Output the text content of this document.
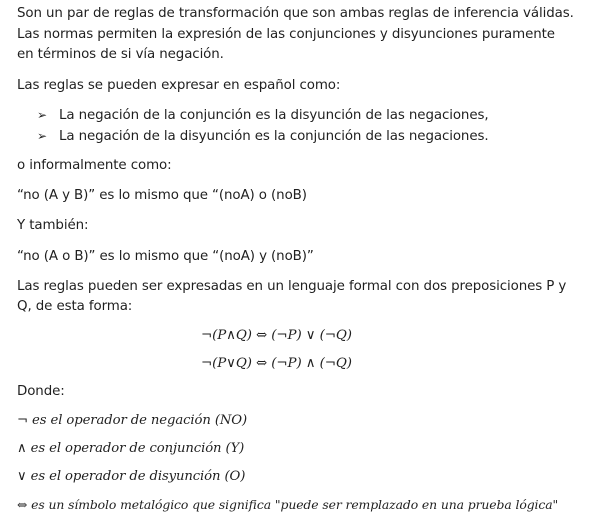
Son un par de reglas de transformación que son ambas reglas de inferencia válidas.
Las normas permiten la expresión de las conjunciones y disyunciones puramente
en términos de si vía negación.
Las reglas se pueden expresar en español como:
➢ La negación de la conjunción es la disyunción de las negaciones,
➢ La negación de la disyunción es la conjunción de las negaciones.
o informalmente como:
“no (A y B)” es lo mismo que “(noA) o (noB)
Y también:
“no (A o B)” es lo mismo que “(noA) y (noB)”
Las reglas pueden ser expresadas en un lenguaje formal con dos preposiciones P y
Q, de esta forma:
¬(P∧Q) ⇔ (¬P) ∨ (¬Q)
¬(P∨Q) ⇔ (¬P) ∧ (¬Q)
Donde:
¬ es el operador de negación (NO)
∧ es el operador de conjunción (Y)
∨ es el operador de disyunción (O)
⇔ es un símbolo metalógico que significa "puede ser remplazado en una prueba lógica"
